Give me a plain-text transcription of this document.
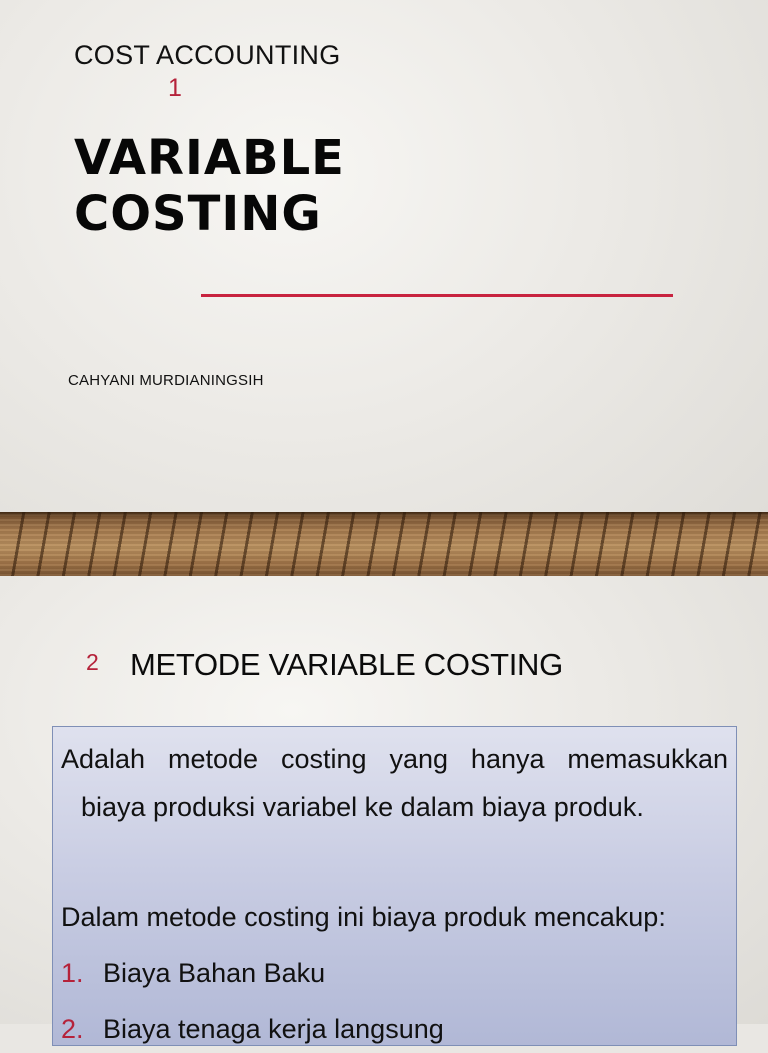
COST ACCOUNTING
1
VARIABLE
COSTING
CAHYANI MURDIANINGSIH
2 METODE VARIABLE COSTING
Adalah metode costing yang hanya memasukkan
biaya produksi variabel ke dalam biaya produk.
Dalam metode costing ini biaya produk mencakup:
1. Biaya Bahan Baku
2. Biaya tenaga kerja langsung
